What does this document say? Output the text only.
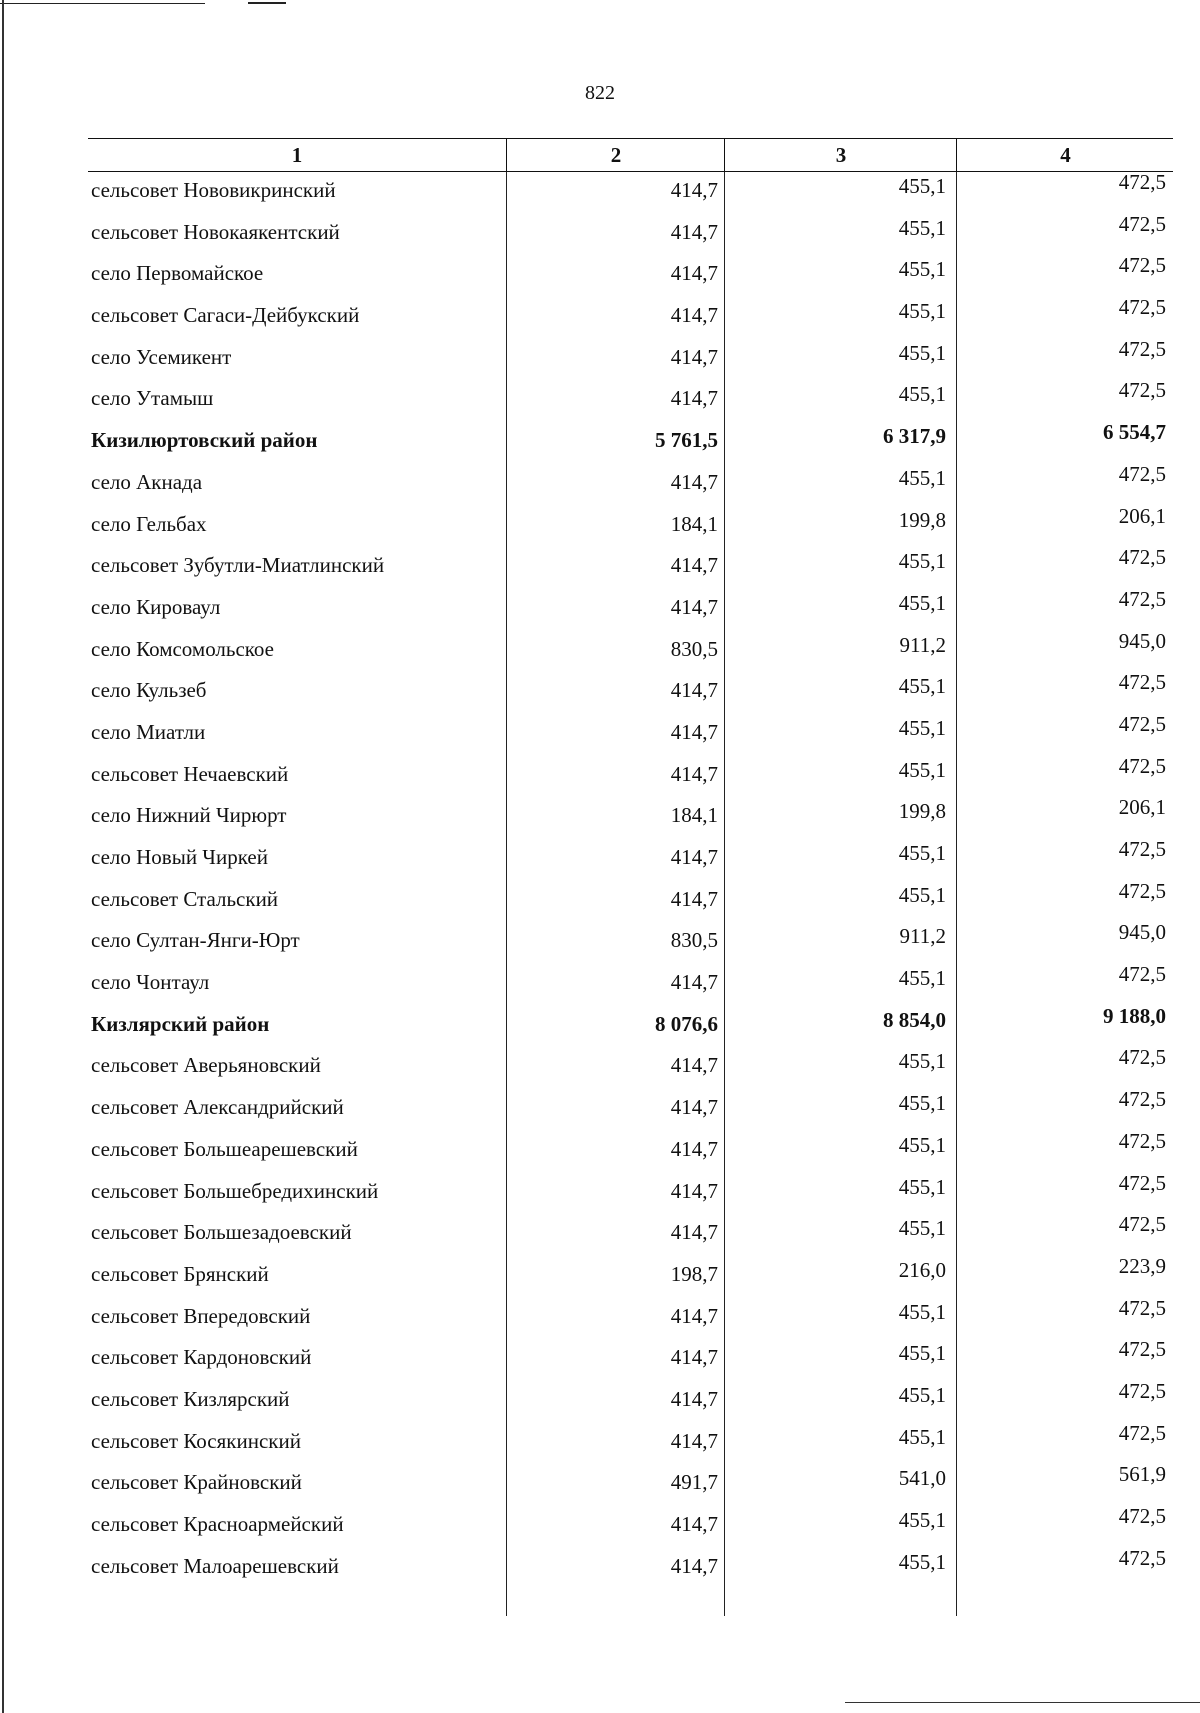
822
1	2	3	4
сельсовет Нововикринский	414,7	455,1	472,5
сельсовет Новокаякентский	414,7	455,1	472,5
село Первомайское	414,7	455,1	472,5
сельсовет Сагаси-Дейбукский	414,7	455,1	472,5
село Усемикент	414,7	455,1	472,5
село Утамыш	414,7	455,1	472,5
Кизилюртовский район	5 761,5	6 317,9	6 554,7
село Акнада	414,7	455,1	472,5
село Гельбах	184,1	199,8	206,1
сельсовет Зубутли-Миатлинский	414,7	455,1	472,5
село Кироваул	414,7	455,1	472,5
село Комсомольское	830,5	911,2	945,0
село Кульзеб	414,7	455,1	472,5
село Миатли	414,7	455,1	472,5
сельсовет Нечаевский	414,7	455,1	472,5
село Нижний Чирюрт	184,1	199,8	206,1
село Новый Чиркей	414,7	455,1	472,5
сельсовет Стальский	414,7	455,1	472,5
село Султан-Янги-Юрт	830,5	911,2	945,0
село Чонтаул	414,7	455,1	472,5
Кизлярский район	8 076,6	8 854,0	9 188,0
сельсовет Аверьяновский	414,7	455,1	472,5
сельсовет Александрийский	414,7	455,1	472,5
сельсовет Большеарешевский	414,7	455,1	472,5
сельсовет Большебредихинский	414,7	455,1	472,5
сельсовет Большезадоевский	414,7	455,1	472,5
сельсовет Брянский	198,7	216,0	223,9
сельсовет Впередовский	414,7	455,1	472,5
сельсовет Кардоновский	414,7	455,1	472,5
сельсовет Кизлярский	414,7	455,1	472,5
сельсовет Косякинский	414,7	455,1	472,5
сельсовет Крайновский	491,7	541,0	561,9
сельсовет Красноармейский	414,7	455,1	472,5
сельсовет Малоарешевский	414,7	455,1	472,5
